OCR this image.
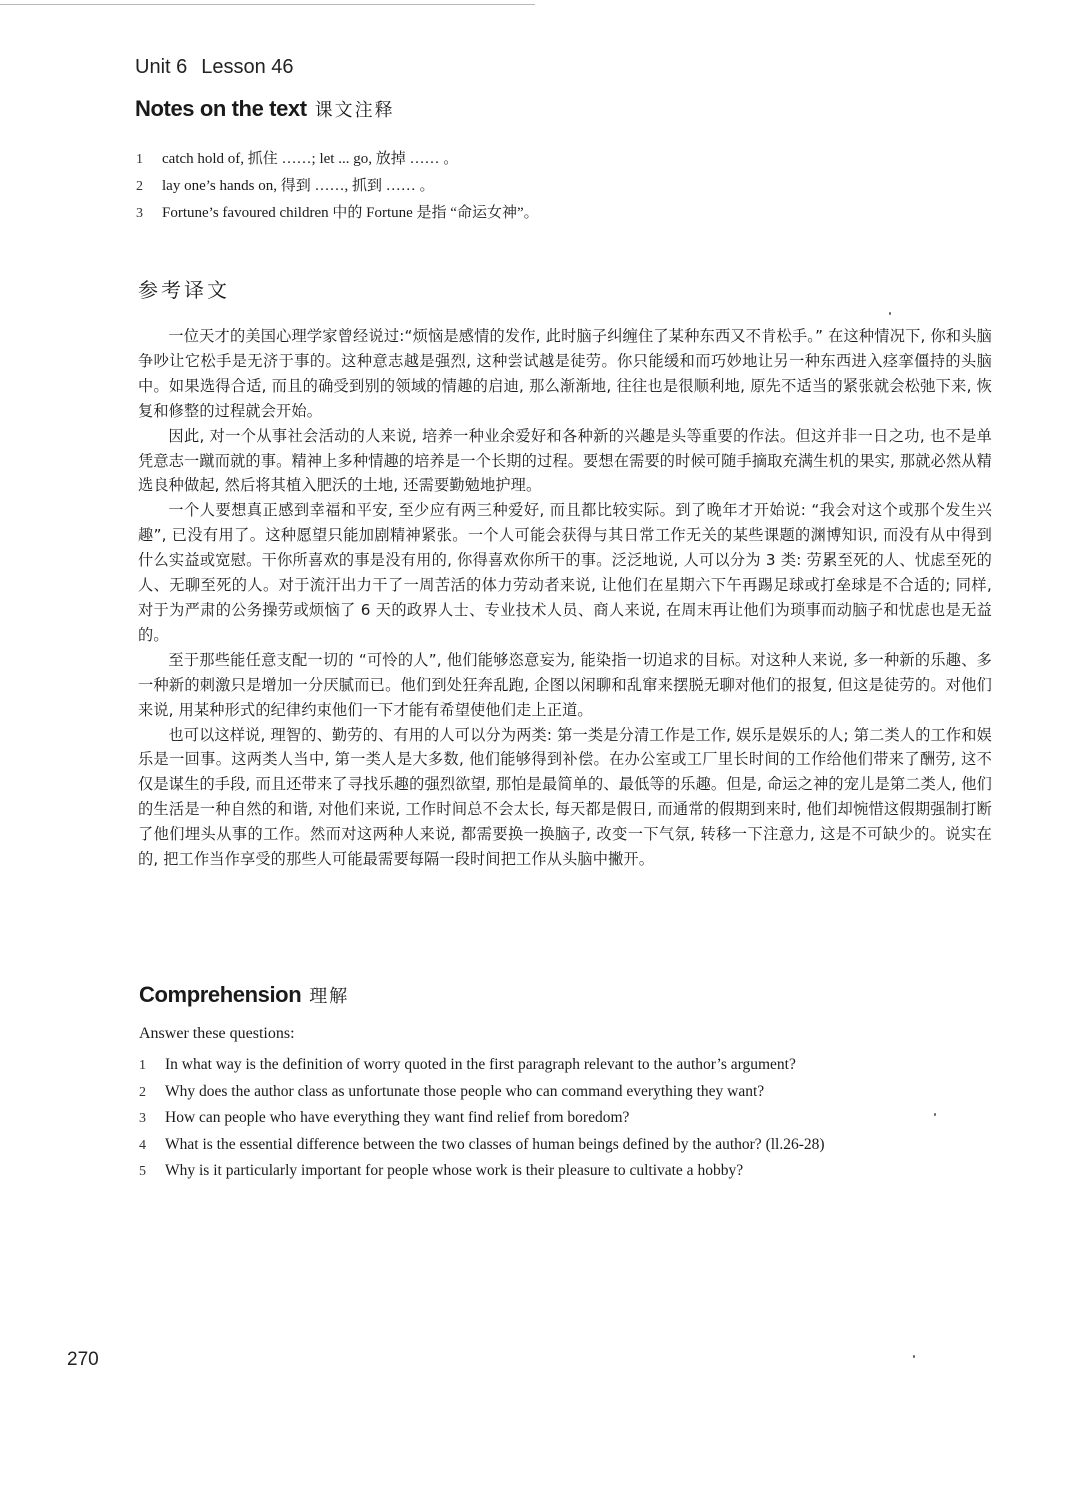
Unit 6 Lesson 46
Notes on the text 课文注释
1 catch hold of, 抓住 ……; let ... go, 放掉 …… 。
2 lay one’s hands on, 得到 ……, 抓到 …… 。
3 Fortune’s favoured children 中的 Fortune 是指 “命运女神”。
参考译文

一位天才的美国心理学家曾经说过:“烦恼是感情的发作, 此时脑子纠缠住了某种东西又不肯松手。” 在这种情况下, 你和头脑争吵让它松手是无济于事的。这种意志越是强烈, 这种尝试越是徒劳。你只能缓和而巧妙地让另一种东西进入痉挛僵持的头脑中。如果选得合适, 而且的确受到别的领域的情趣的启迪, 那么渐渐地, 往往也是很顺利地, 原先不适当的紧张就会松弛下来, 恢复和修整的过程就会开始。

因此, 对一个从事社会活动的人来说, 培养一种业余爱好和各种新的兴趣是头等重要的作法。但这并非一日之功, 也不是单凭意志一蹴而就的事。精神上多种情趣的培养是一个长期的过程。要想在需要的时候可随手摘取充满生机的果实, 那就必然从精选良种做起, 然后将其植入肥沃的土地, 还需要勤勉地护理。

一个人要想真正感到幸福和平安, 至少应有两三种爱好, 而且都比较实际。到了晚年才开始说: “我会对这个或那个发生兴趣”, 已没有用了。这种愿望只能加剧精神紧张。一个人可能会获得与其日常工作无关的某些课题的渊博知识, 而没有从中得到什么实益或宽慰。干你所喜欢的事是没有用的, 你得喜欢你所干的事。泛泛地说, 人可以分为 3 类: 劳累至死的人、忧虑至死的人、无聊至死的人。对于流汗出力干了一周苦活的体力劳动者来说, 让他们在星期六下午再踢足球或打垒球是不合适的; 同样, 对于为严肃的公务操劳或烦恼了 6 天的政界人士、专业技术人员、商人来说, 在周末再让他们为琐事而动脑子和忧虑也是无益的。

至于那些能任意支配一切的 “可怜的人”, 他们能够恣意妄为, 能染指一切追求的目标。对这种人来说, 多一种新的乐趣、多一种新的刺激只是增加一分厌腻而已。他们到处狂奔乱跑, 企图以闲聊和乱窜来摆脱无聊对他们的报复, 但这是徒劳的。对他们来说, 用某种形式的纪律约束他们一下才能有希望使他们走上正道。

也可以这样说, 理智的、勤劳的、有用的人可以分为两类: 第一类是分清工作是工作, 娱乐是娱乐的人; 第二类人的工作和娱乐是一回事。这两类人当中, 第一类人是大多数, 他们能够得到补偿。在办公室或工厂里长时间的工作给他们带来了酬劳, 这不仅是谋生的手段, 而且还带来了寻找乐趣的强烈欲望, 那怕是最简单的、最低等的乐趣。但是, 命运之神的宠儿是第二类人, 他们的生活是一种自然的和谐, 对他们来说, 工作时间总不会太长, 每天都是假日, 而通常的假期到来时, 他们却惋惜这假期强制打断了他们埋头从事的工作。然而对这两种人来说, 都需要换一换脑子, 改变一下气氛, 转移一下注意力, 这是不可缺少的。说实在的, 把工作当作享受的那些人可能最需要每隔一段时间把工作从头脑中撇开。

Comprehension 理解
Answer these questions:
1 In what way is the definition of worry quoted in the first paragraph relevant to the author’s argument?
2 Why does the author class as unfortunate those people who can command everything they want?
3 How can people who have everything they want find relief from boredom?
4 What is the essential difference between the two classes of human beings defined by the author? (ll.26-28)
5 Why is it particularly important for people whose work is their pleasure to cultivate a hobby?
270
